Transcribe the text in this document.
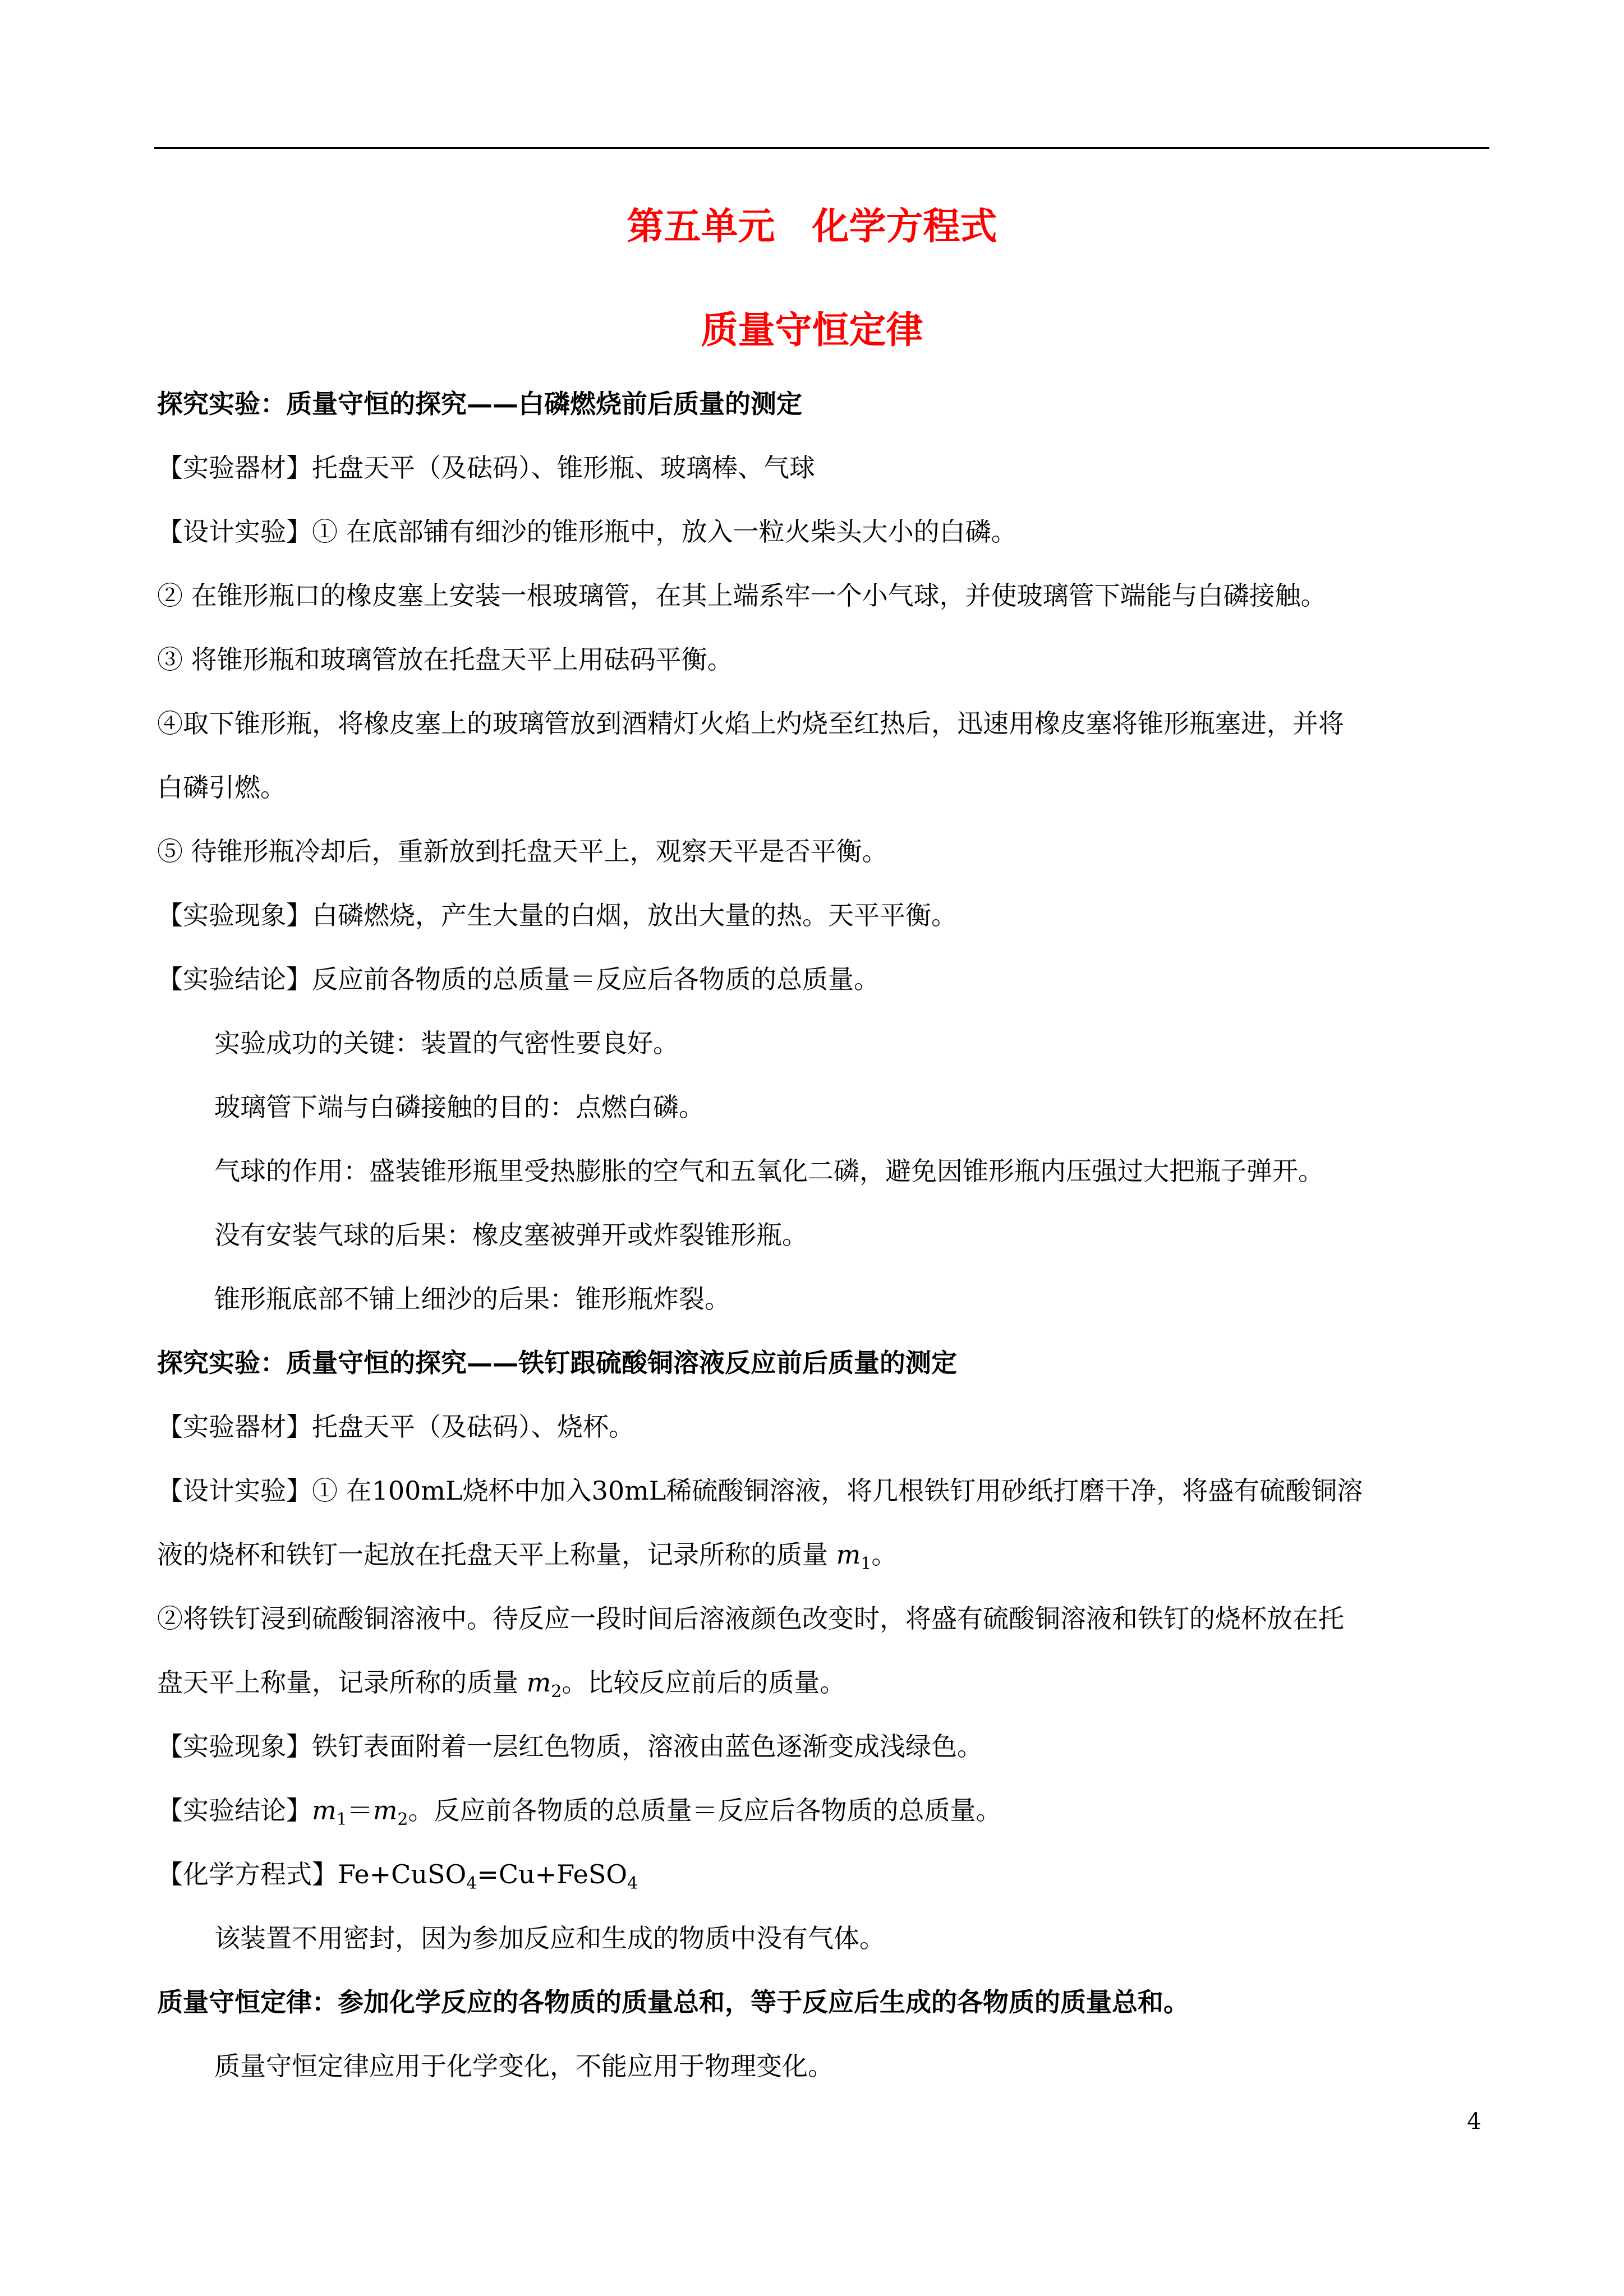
第五单元　化学方程式
质量守恒定律
探究实验：质量守恒的探究——白磷燃烧前后质量的测定
【实验器材】托盘天平（及砝码）、锥形瓶、玻璃棒、气球
【设计实验】① 在底部铺有细沙的锥形瓶中，放入一粒火柴头大小的白磷。
② 在锥形瓶口的橡皮塞上安装一根玻璃管，在其上端系牢一个小气球，并使玻璃管下端能与白磷接触。
③ 将锥形瓶和玻璃管放在托盘天平上用砝码平衡。
④取下锥形瓶，将橡皮塞上的玻璃管放到酒精灯火焰上灼烧至红热后，迅速用橡皮塞将锥形瓶塞进，并将
白磷引燃。
⑤ 待锥形瓶冷却后，重新放到托盘天平上，观察天平是否平衡。
【实验现象】白磷燃烧，产生大量的白烟，放出大量的热。天平平衡。
【实验结论】反应前各物质的总质量＝反应后各物质的总质量。
实验成功的关键：装置的气密性要良好。
玻璃管下端与白磷接触的目的：点燃白磷。
气球的作用：盛装锥形瓶里受热膨胀的空气和五氧化二磷，避免因锥形瓶内压强过大把瓶子弹开。
没有安装气球的后果：橡皮塞被弹开或炸裂锥形瓶。
锥形瓶底部不铺上细沙的后果：锥形瓶炸裂。
探究实验：质量守恒的探究——铁钉跟硫酸铜溶液反应前后质量的测定
【实验器材】托盘天平（及砝码）、烧杯。
【设计实验】① 在100mL烧杯中加入30mL稀硫酸铜溶液，将几根铁钉用砂纸打磨干净，将盛有硫酸铜溶
液的烧杯和铁钉一起放在托盘天平上称量，记录所称的质量 $m_1$。
②将铁钉浸到硫酸铜溶液中。待反应一段时间后溶液颜色改变时，将盛有硫酸铜溶液和铁钉的烧杯放在托
盘天平上称量，记录所称的质量 $m_2$。比较反应前后的质量。
【实验现象】铁钉表面附着一层红色物质，溶液由蓝色逐渐变成浅绿色。
【实验结论】$m_1=m_2$。反应前各物质的总质量＝反应后各物质的总质量。
【化学方程式】Fe+CuSO$_4$=Cu+FeSO$_4$
该装置不用密封，因为参加反应和生成的物质中没有气体。
质量守恒定律：参加化学反应的各物质的质量总和，等于反应后生成的各物质的质量总和。
质量守恒定律应用于化学变化，不能应用于物理变化。
4
